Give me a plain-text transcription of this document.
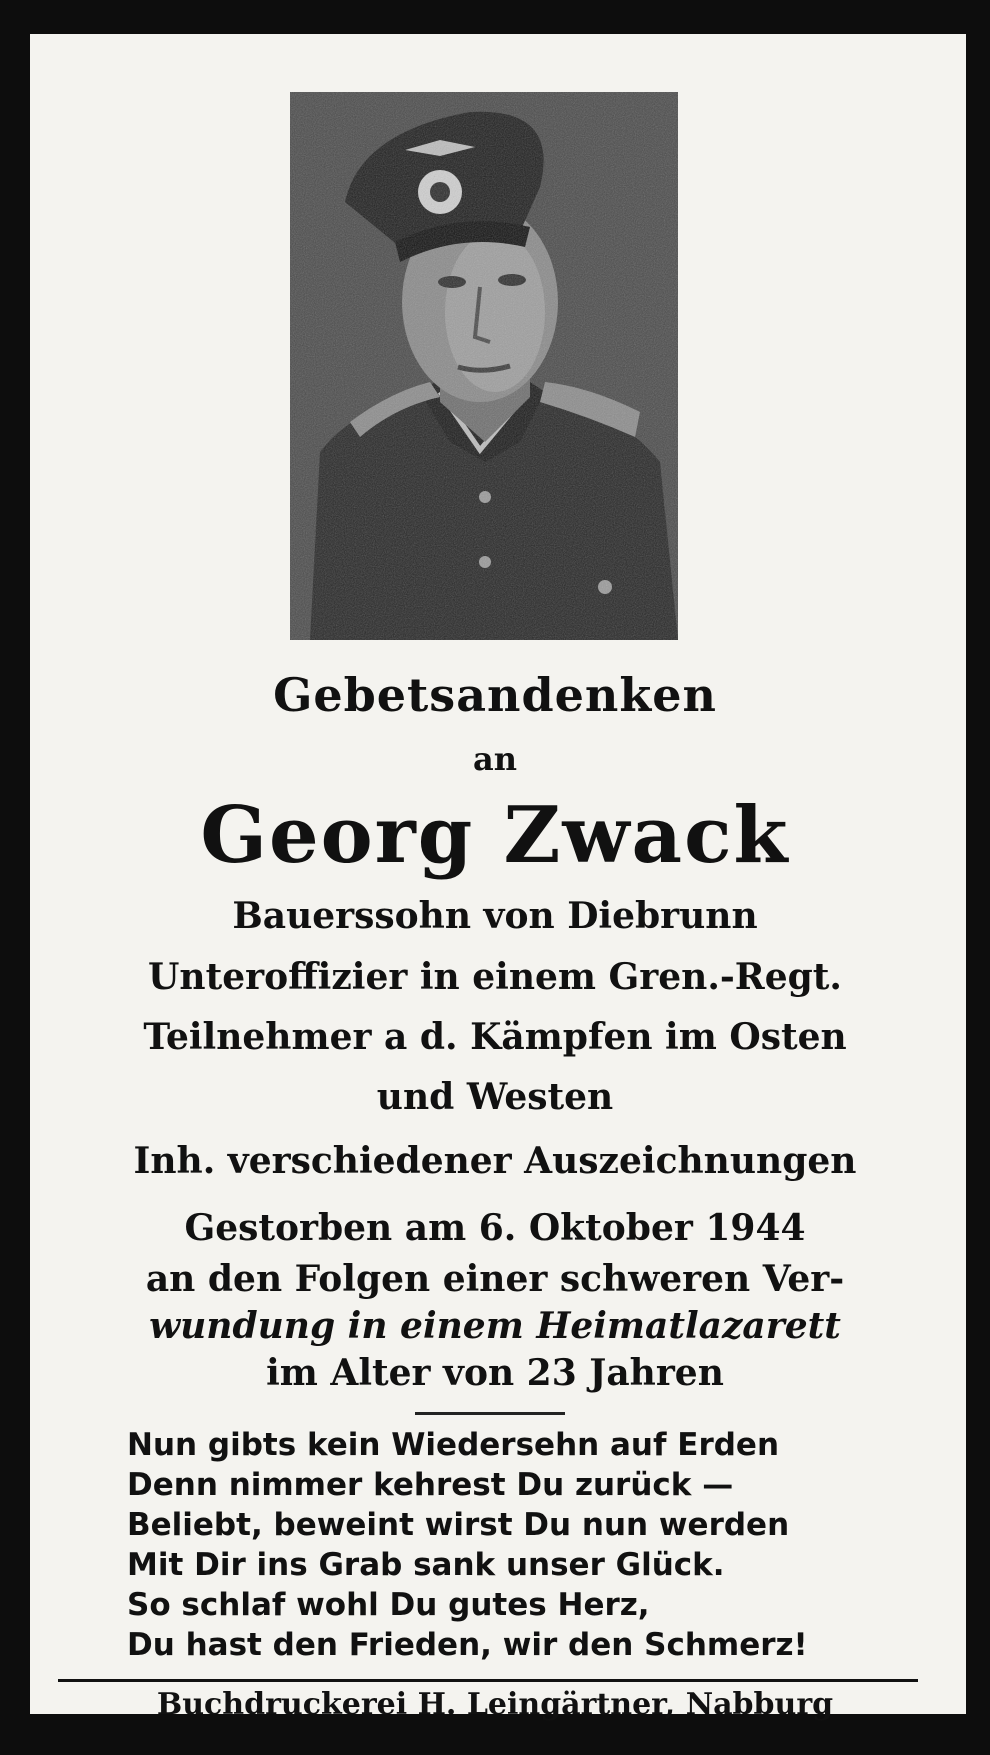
Gebetsandenken
an
Georg Zwack
Bauerssohn von Diebrunn
Unteroffizier in einem Gren.-Regt.
Teilnehmer a d. Kämpfen im Osten
und Westen
Inh. verschiedener Auszeichnungen
Gestorben am 6. Oktober 1944
an den Folgen einer schweren Ver-
wundung in einem Heimatlazarett
im Alter von 23 Jahren
Nun gibts kein Wiedersehn auf Erden
Denn nimmer kehrest Du zurück —
Beliebt, beweint wirst Du nun werden
Mit Dir ins Grab sank unser Glück.
So schlaf wohl Du gutes Herz,
Du hast den Frieden, wir den Schmerz!
Buchdruckerei H. Leingärtner, Nabburg
